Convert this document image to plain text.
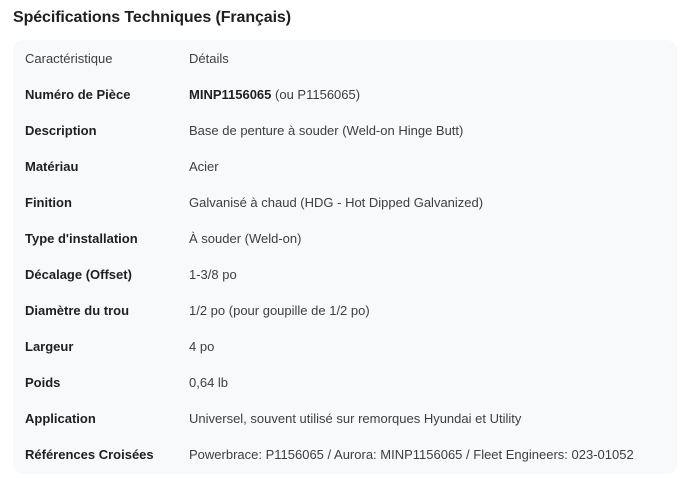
Spécifications Techniques (Français)
Caractéristique	Détails
Numéro de Pièce	MINP1156065 (ou P1156065)
Description	Base de penture à souder (Weld-on Hinge Butt)
Matériau	Acier
Finition	Galvanisé à chaud (HDG - Hot Dipped Galvanized)
Type d'installation	À souder (Weld-on)
Décalage (Offset)	1-3/8 po
Diamètre du trou	1/2 po (pour goupille de 1/2 po)
Largeur	4 po
Poids	0,64 lb
Application	Universel, souvent utilisé sur remorques Hyundai et Utility
Références Croisées	Powerbrace: P1156065 / Aurora: MINP1156065 / Fleet Engineers: 023-01052
